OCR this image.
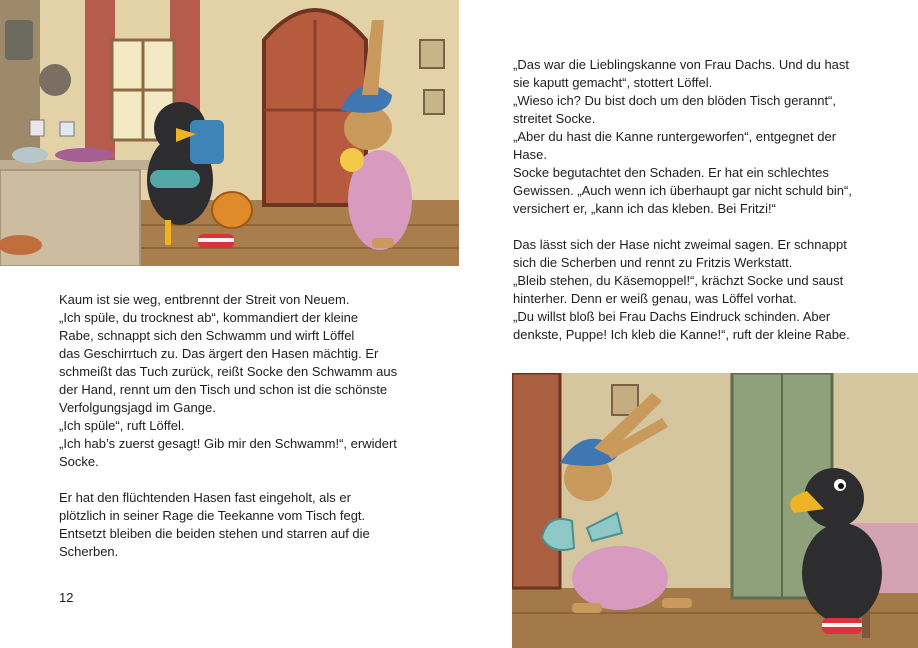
Kaum ist sie weg, entbrennt der Streit von Neuem.

„Ich spüle, du trocknest ab“, kommandiert der kleine

Rabe, schnappt sich den Schwamm und wirft Löffel

das Geschirrtuch zu. Das ärgert den Hasen mächtig. Er

schmeißt das Tuch zurück, reißt Socke den Schwamm aus

der Hand, rennt um den Tisch und schon ist die schönste

Verfolgungsjagd im Gange.

„Ich spüle“, ruft Löffel.

„Ich hab’s zuerst gesagt! Gib mir den Schwamm!“, erwidert

Socke.

Er hat den flüchtenden Hasen fast eingeholt, als er

plötzlich in seiner Rage die Teekanne vom Tisch fegt.

Entsetzt bleiben die beiden stehen und starren auf die

Scherben.

12

„Das war die Lieblingskanne von Frau Dachs. Und du hast

sie kaputt gemacht“, stottert Löffel.

„Wieso ich? Du bist doch um den blöden Tisch gerannt“,

streitet Socke.

„Aber du hast die Kanne runtergeworfen“, entgegnet der

Hase.

Socke begutachtet den Schaden. Er hat ein schlechtes

Gewissen. „Auch wenn ich überhaupt gar nicht schuld bin“,

versichert er, „kann ich das kleben. Bei Fritzi!“

Das lässt sich der Hase nicht zweimal sagen. Er schnappt

sich die Scherben und rennt zu Fritzis Werkstatt.

„Bleib stehen, du Käsemoppel!“, krächzt Socke und saust

hinterher. Denn er weiß genau, was Löffel vorhat.

„Du willst bloß bei Frau Dachs Eindruck schinden. Aber

denkste, Puppe! Ich kleb die Kanne!“, ruft der kleine Rabe.
